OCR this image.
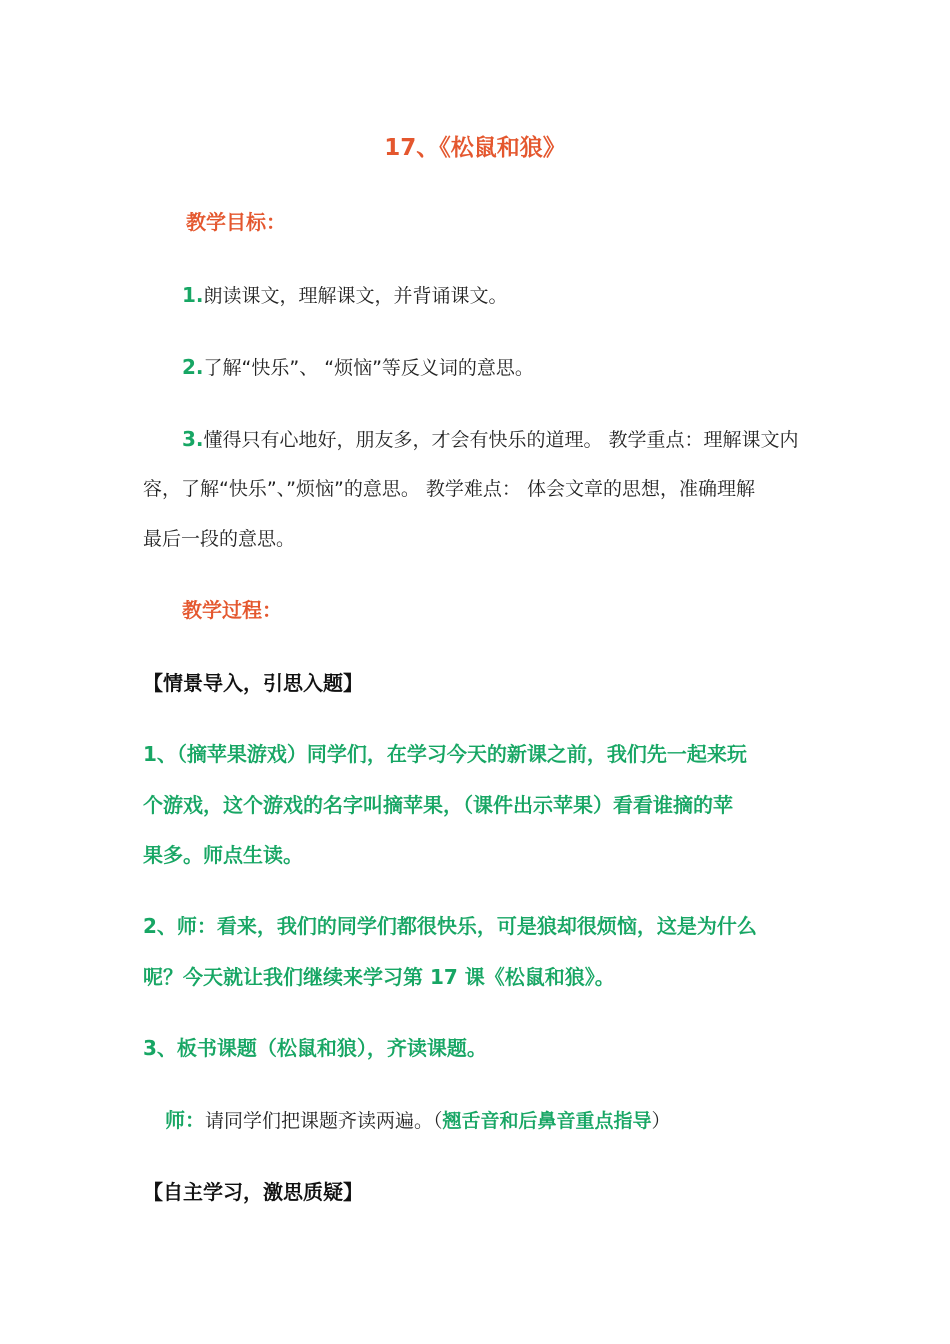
17、《松鼠和狼》
教学目标：
1.朗读课文，理解课文，并背诵课文。
2.了解“快乐”、 “烦恼”等反义词的意思。
3.懂得只有心地好，朋友多，才会有快乐的道理。 教学重点：理解课文内
容，了解“快乐”、”烦恼”的意思。 教学难点： 体会文章的思想，准确理解
最后一段的意思。
教学过程：
【情景导入，引思入题】
1、（摘苹果游戏）同学们，在学习今天的新课之前，我们先一起来玩
个游戏，这个游戏的名字叫摘苹果，（课件出示苹果）看看谁摘的苹
果多。师点生读。
2、师：看来，我们的同学们都很快乐，可是狼却很烦恼，这是为什么
呢？今天就让我们继续来学习第 17 课《松鼠和狼》。
3、板书课题（松鼠和狼），齐读课题。
师：请同学们把课题齐读两遍。（翘舌音和后鼻音重点指导）
【自主学习，激思质疑】
